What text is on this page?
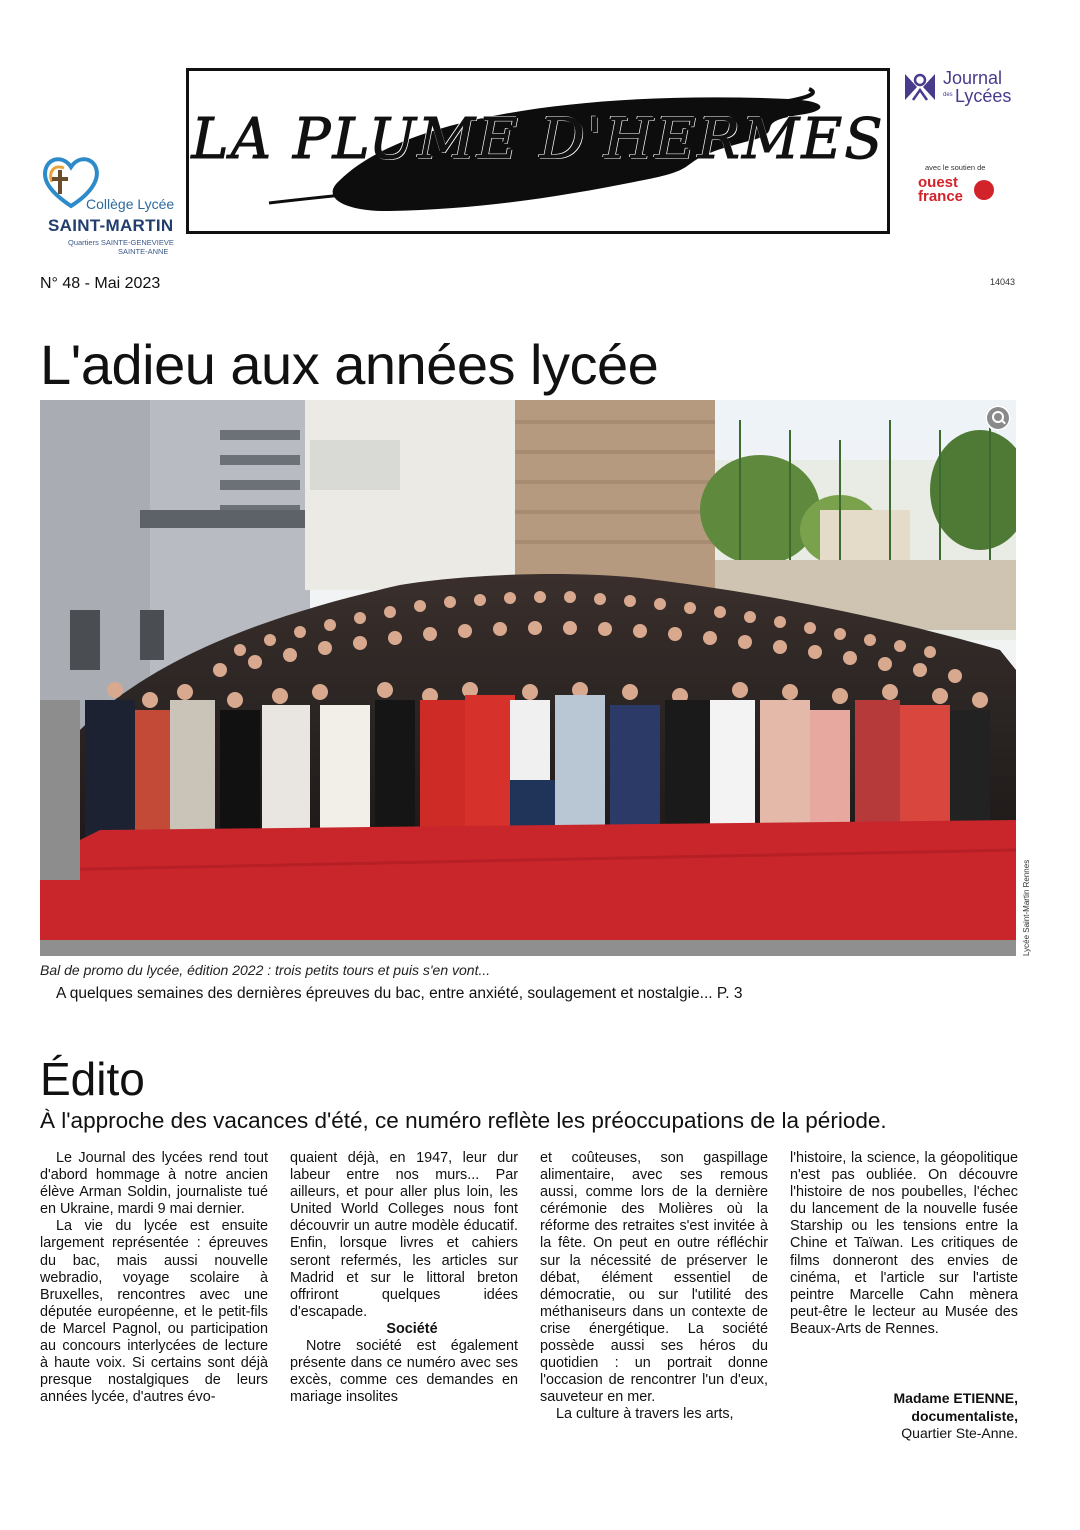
Collège Lycée
SAINT-MARTIN
Quartiers SAINTE-GENEVIEVE
SAINTE-ANNE
LA PLUME D'HERMES
Journal
des Lycées
avec le soutien de
ouest
france
N° 48 - Mai 2023	14043
L'adieu aux années lycée
Lycée Saint-Martin Rennes
Bal de promo du lycée, édition 2022 : trois petits tours et puis s'en vont...
A quelques semaines des dernières épreuves du bac, entre anxiété, soulagement et nostalgie... P. 3
Édito
À l'approche des vacances d'été, ce numéro reflète les préoccupations de la période.

Le Journal des lycées rend tout d'abord hommage à notre ancien élève Arman Soldin, journaliste tué en Ukraine, mardi 9 mai dernier.

La vie du lycée est ensuite largement représentée : épreuves du bac, mais aussi nouvelle webradio, voyage scolaire à Bruxelles, rencontres avec une députée européenne, et le petit-fils de Marcel Pagnol, ou participation au concours interlycées de lecture à haute voix. Si certains sont déjà presque nostalgiques de leurs années lycée, d'autres évo-

quaient déjà, en 1947, leur dur labeur entre nos murs... Par ailleurs, et pour aller plus loin, les United World Colleges nous font découvrir un autre modèle éducatif. Enfin, lorsque livres et cahiers seront refermés, les articles sur Madrid et sur le littoral breton offriront quelques idées d'escapade.

Société

Notre société est également présente dans ce numéro avec ses excès, comme ces demandes en mariage insolites

et coûteuses, son gaspillage alimentaire, avec ses remous aussi, comme lors de la dernière cérémonie des Molières où la réforme des retraites s'est invitée à la fête. On peut en outre réfléchir sur la nécessité de préserver le débat, élément essentiel de démocratie, ou sur l'utilité des méthaniseurs dans un contexte de crise énergétique. La société possède aussi ses héros du quotidien : un portrait donne l'occasion de rencontrer l'un d'eux, sauveteur en mer.

La culture à travers les arts,

l'histoire, la science, la géopolitique n'est pas oubliée. On découvre l'histoire de nos poubelles, l'échec du lancement de la nouvelle fusée Starship ou les tensions entre la Chine et Taïwan. Les critiques de films donneront des envies de cinéma, et l'article sur l'artiste peintre Marcelle Cahn mènera peut-être le lecteur au Musée des Beaux-Arts de Rennes.

Madame ETIENNE,
documentaliste,
Quartier Ste-Anne.
